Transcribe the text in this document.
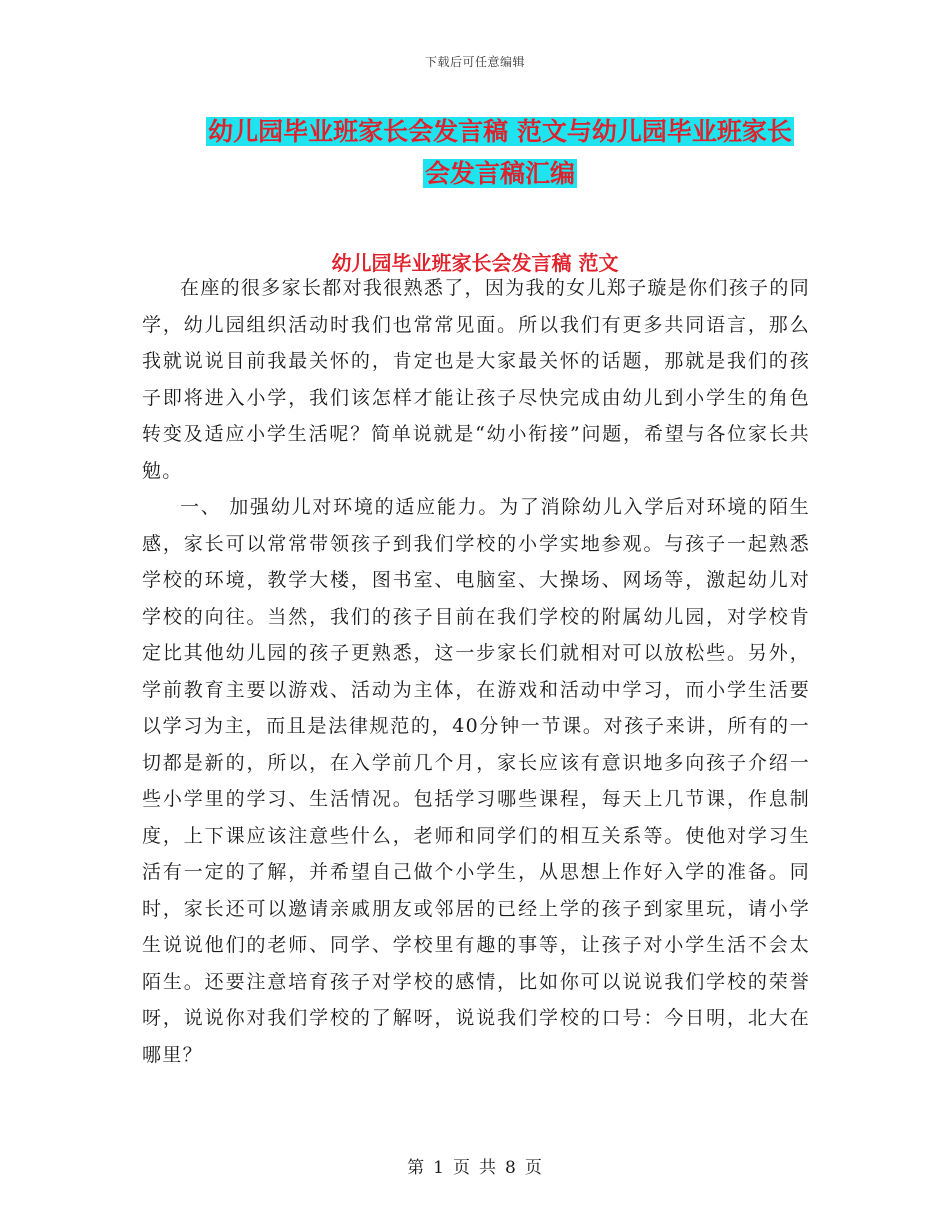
下载后可任意编辑
幼儿园毕业班家长会发言稿 范文与幼儿园毕业班家长
会发言稿汇编
幼儿园毕业班家长会发言稿 范文

在座的很多家长都对我很熟悉了，因为我的女儿郑子璇是你们孩子的同学，幼儿园组织活动时我们也常常见面。所以我们有更多共同语言，那么我就说说目前我最关怀的，肯定也是大家最关怀的话题，那就是我们的孩子即将进入小学，我们该怎样才能让孩子尽快完成由幼儿到小学生的角色转变及适应小学生活呢？简单说就是“幼小衔接”问题，希望与各位家长共勉。

一、 加强幼儿对环境的适应能力。为了消除幼儿入学后对环境的陌生感，家长可以常常带领孩子到我们学校的小学实地参观。与孩子一起熟悉学校的环境，教学大楼，图书室、电脑室、大操场、网场等，激起幼儿对学校的向往。当然，我们的孩子目前在我们学校的附属幼儿园，对学校肯定比其他幼儿园的孩子更熟悉，这一步家长们就相对可以放松些。另外，学前教育主要以游戏、活动为主体，在游戏和活动中学习，而小学生活要以学习为主，而且是法律规范的，40分钟一节课。对孩子来讲，所有的一切都是新的，所以，在入学前几个月，家长应该有意识地多向孩子介绍一些小学里的学习、生活情况。包括学习哪些课程，每天上几节课，作息制度，上下课应该注意些什么，老师和同学们的相互关系等。使他对学习生活有一定的了解，并希望自己做个小学生，从思想上作好入学的准备。同时，家长还可以邀请亲戚朋友或邻居的已经上学的孩子到家里玩，请小学生说说他们的老师、同学、学校里有趣的事等，让孩子对小学生活不会太陌生。还要注意培育孩子对学校的感情，比如你可以说说我们学校的荣誉呀，说说你对我们学校的了解呀，说说我们学校的口号：今日明，北大在哪里？

第 1 页 共 8 页
